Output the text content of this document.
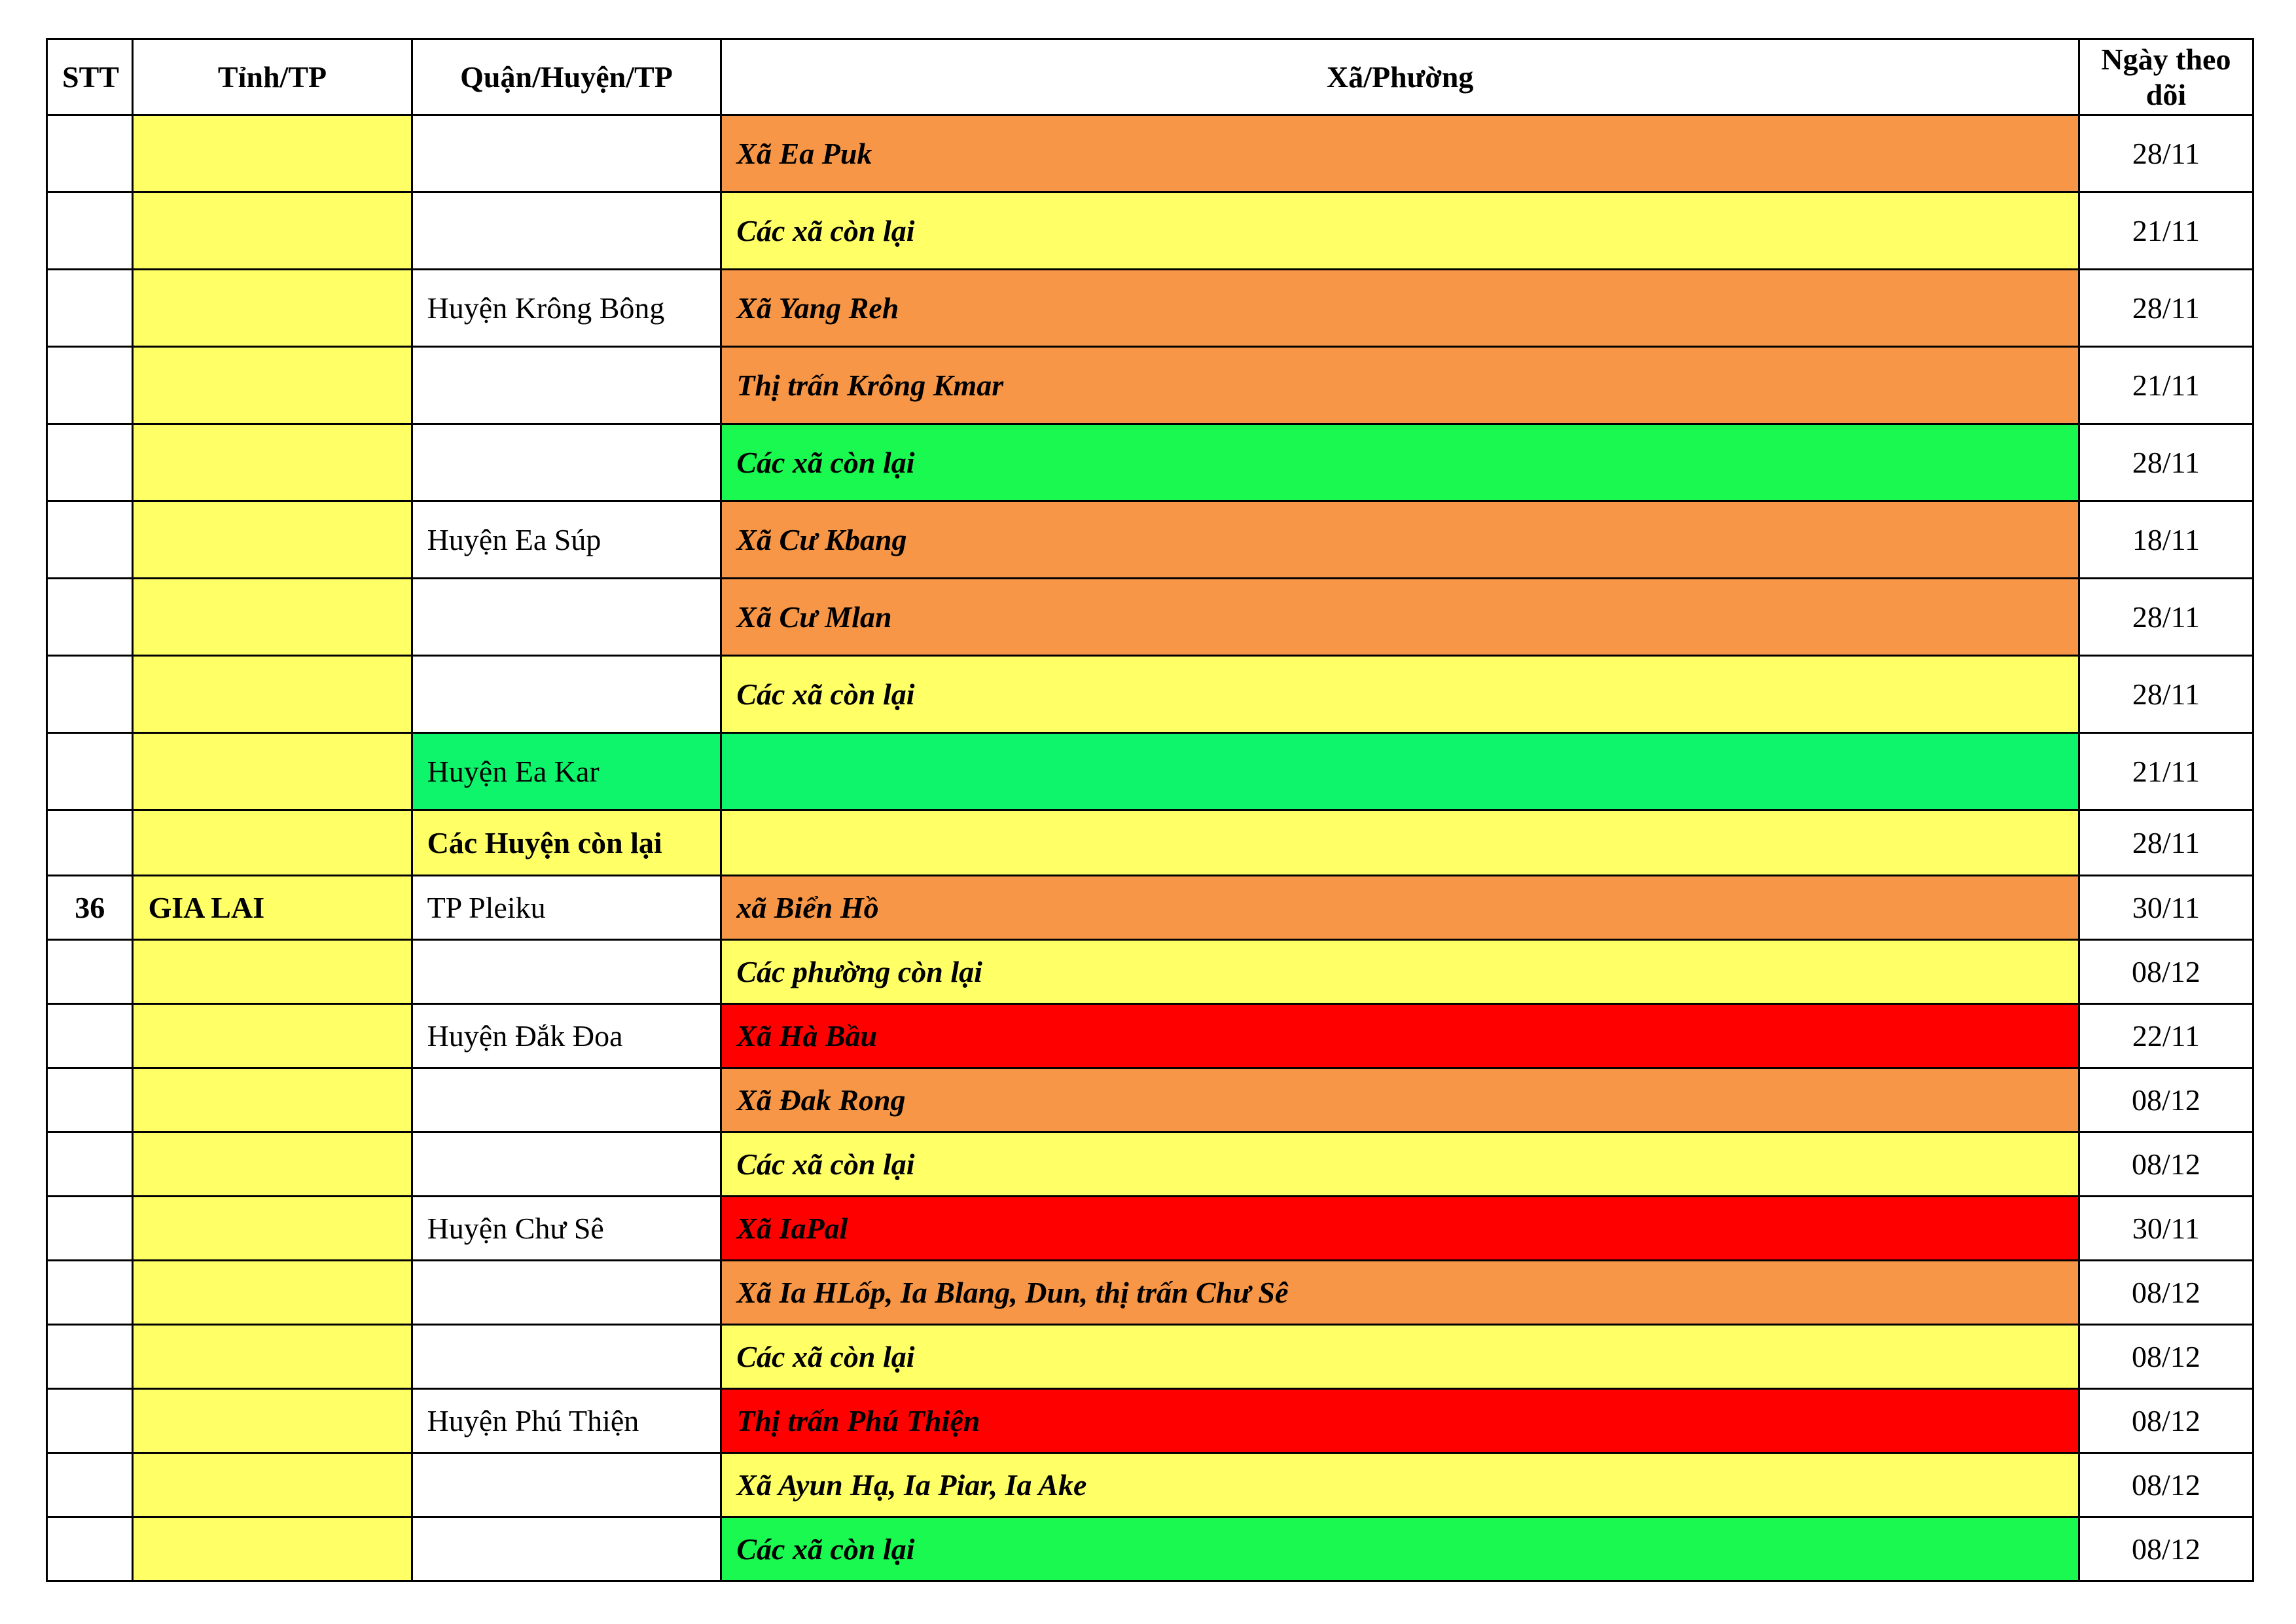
STT	Tỉnh/TP	Quận/Huyện/TP	Xã/Phường	Ngày theo
dõi

			Xã Ea Puk	28/11
			Các xã còn lại	21/11
		Huyện Krông Bông	Xã Yang Reh	28/11
			Thị trấn Krông Kmar	21/11
			Các xã còn lại	28/11
		Huyện Ea Súp	Xã Cư Kbang	18/11
			Xã Cư Mlan	28/11
			Các xã còn lại	28/11
		Huyện Ea Kar		21/11
		Các Huyện còn lại		28/11
36	GIA LAI	TP Pleiku	xã Biển Hồ	30/11
			Các phường còn lại	08/12
		Huyện Đắk Đoa	Xã Hà Bầu	22/11
			Xã Đak Rong	08/12
			Các xã còn lại	08/12
		Huyện Chư Sê	Xã IaPal	30/11
			Xã Ia HLốp, Ia Blang, Dun, thị trấn Chư Sê	08/12
			Các xã còn lại	08/12
		Huyện Phú Thiện	Thị trấn Phú Thiện	08/12
			Xã Ayun Hạ, Ia Piar, Ia Ake	08/12
			Các xã còn lại	08/12
